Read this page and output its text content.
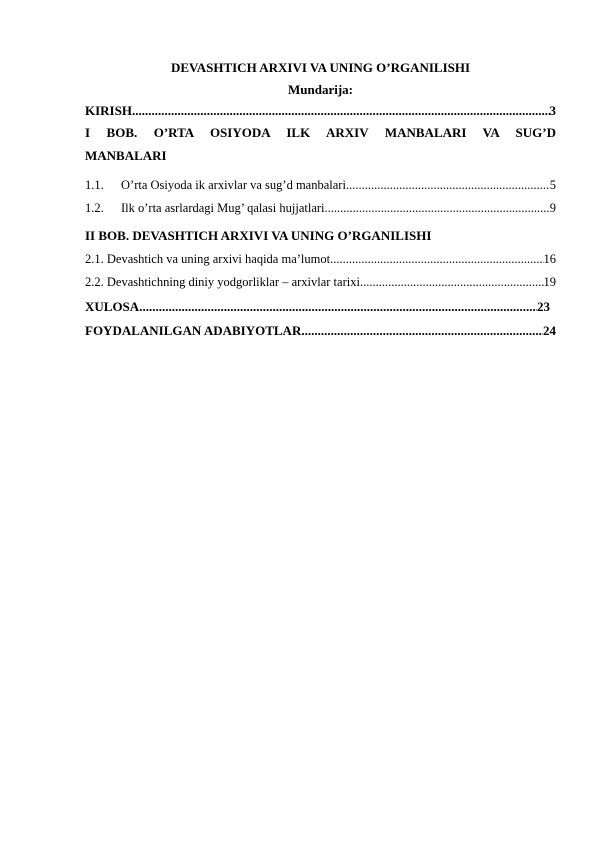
DEVASHTICH ARXIVI VA UNING O’RGANILISHI
Mundarija:
KIRISH .....	3
I BOB. O’RTA OSIYODA ILK ARXIV MANBALARI VA SUG’D
MANBALARI
1.1.	O’rta Osiyoda ik arxivlar va sug’d manbalari .....	5
1.2.	Ilk o’rta asrlardagi Mug’ qalasi hujjatlari .....	9
II BOB. DEVASHTICH ARXIVI VA UNING O’RGANILISHI
2.1. Devashtich va uning arxivi haqida ma’lumot .....	16
2.2. Devashtichning diniy yodgorliklar – arxivlar tarixi .....	19
XULOSA .....	23
FOYDALANILGAN ADABIYOTLAR .....	24
